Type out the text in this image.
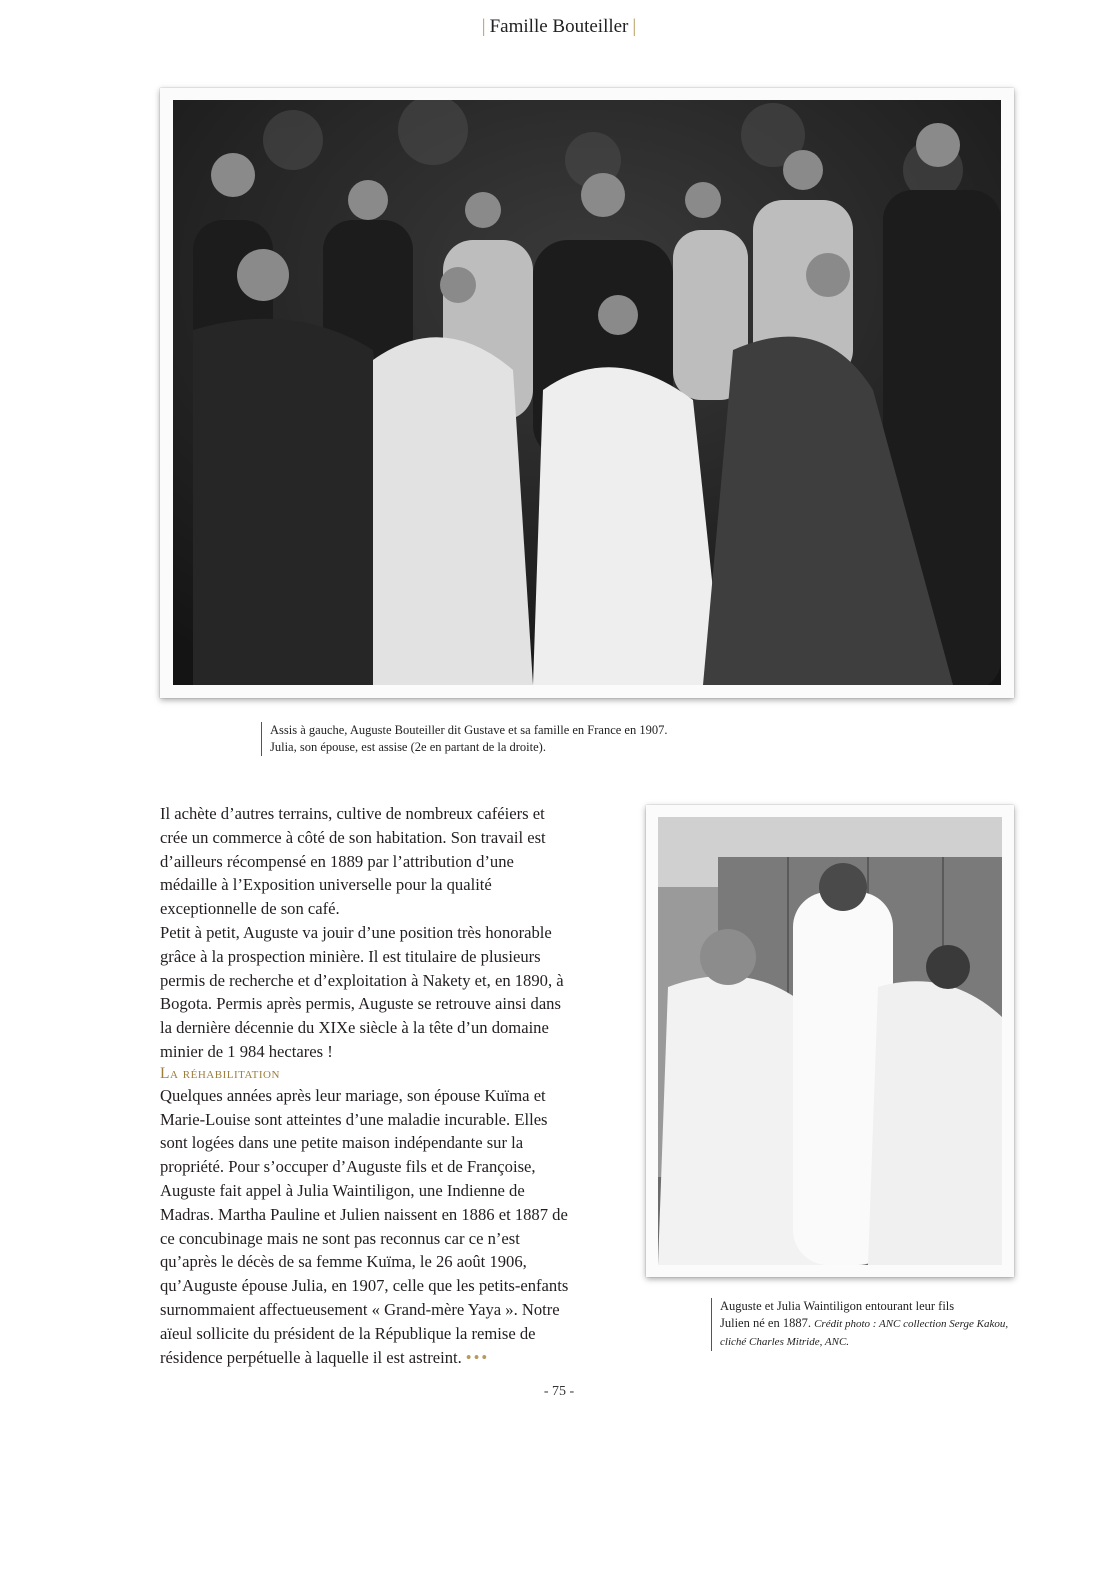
| Famille Bouteiller |
Assis à gauche, Auguste Bouteiller dit Gustave et sa famille en France en 1907.
Julia, son épouse, est assise (2e en partant de la droite).

Il achète d’autres terrains, cultive de nombreux caféiers et crée un commerce à côté de son habitation. Son travail est d’ailleurs récompensé en 1889 par l’attribution d’une médaille à l’Exposition universelle pour la qualité exceptionnelle de son café.

Petit à petit, Auguste va jouir d’une position très honorable grâce à la prospection minière. Il est titulaire de plusieurs permis de recherche et d’exploitation à Nakety et, en 1890, à Bogota. Permis après permis, Auguste se retrouve ainsi dans la dernière décennie du XIXe siècle à la tête d’un domaine minier de 1 984 hectares !

La réhabilitation

Quelques années après leur mariage, son épouse Kuïma et Marie-Louise sont atteintes d’une maladie incurable. Elles sont logées dans une petite maison indépendante sur la propriété. Pour s’occuper d’Auguste fils et de Françoise, Auguste fait appel à Julia Waintiligon, une Indienne de Madras. Martha Pauline et Julien naissent en 1886 et 1887 de ce concubinage mais ne sont pas reconnus car ce n’est qu’après le décès de sa femme Kuïma, le 26 août 1906, qu’Auguste épouse Julia, en 1907, celle que les petits-enfants surnommaient affectueusement « Grand-mère Yaya ». Notre aïeul sollicite du président de la République la remise de résidence perpétuelle à laquelle il est astreint. •••

Auguste et Julia Waintiligon entourant leur fils
Julien né en 1887. Crédit photo : ANC collection Serge Kakou, cliché Charles Mitride, ANC.
- 75 -
